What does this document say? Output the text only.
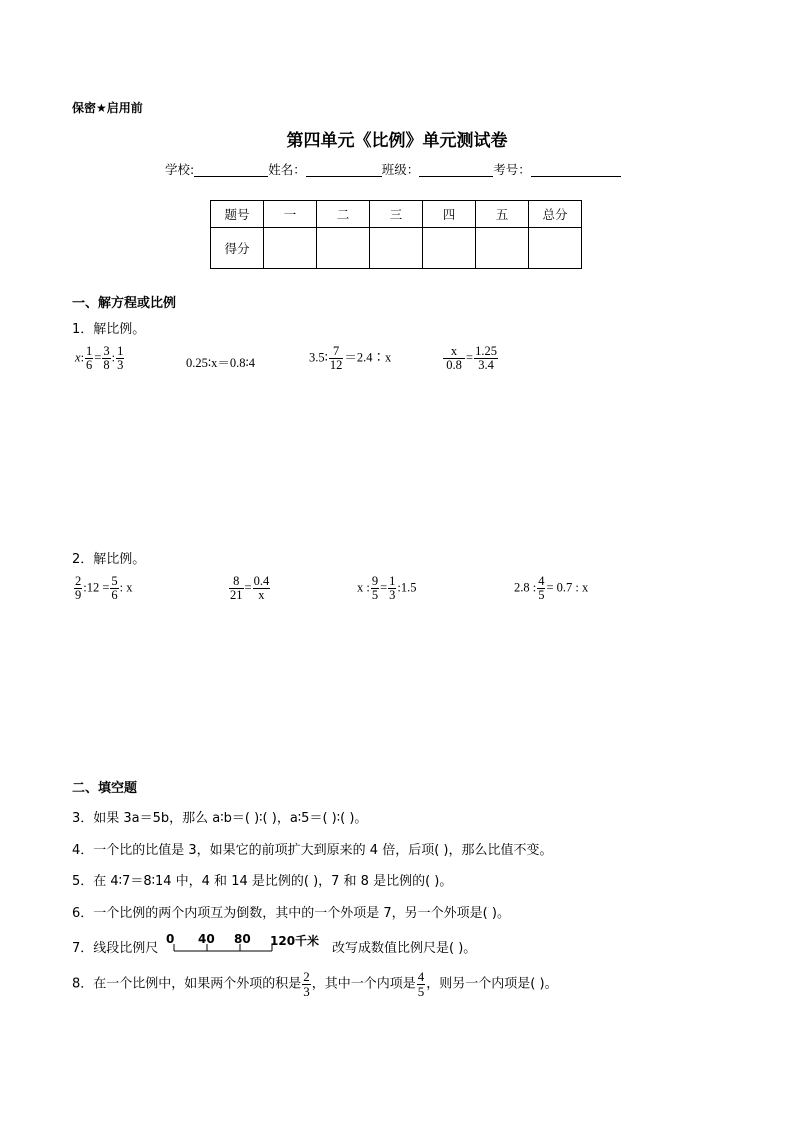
保密★启用前
第四单元《比例》单元测试卷
学校:	姓名：	班级：	考号：
题号	一	二	三	四	五	总分
得分						
一、解方程或比例
1．解比例。
x: $\frac{1}{6} = \frac{3}{8}$ : $\frac{1}{3}$	0.25∶x＝0.8∶4	3.5∶ $\frac{7}{12}$ ＝2.4∶x	$\frac{x}{0.8} = \frac{1.25}{3.4}$
2．解比例。
$\frac{2}{9}$ :12 = $\frac{5}{6}$ : x	$\frac{8}{21} = \frac{0.4}{x}$	x : $\frac{9}{5} = \frac{1}{3}$ :1.5	2.8 : $\frac{4}{5} = 0.7$ : x
二、填空题
3．如果 3a＝5b，那么 a∶b＝( )∶( )，a∶5＝( )∶( )。
4．一个比的比值是 3，如果它的前项扩大到原来的 4 倍，后项( )，那么比值不变。
5．在 4∶7＝8∶14 中，4 和 14 是比例的( )，7 和 8 是比例的( )。
6．一个比例的两个内项互为倒数，其中的一个外项是 7，另一个外项是( )。
7．线段比例尺
0 40 80 120千米 改写成数值比例尺是( )。
8．在一个比例中，如果两个外项的积是 $\frac{2}{3}$ ，其中一个内项是 $\frac{4}{5}$ ，则另一个内项是( )。
